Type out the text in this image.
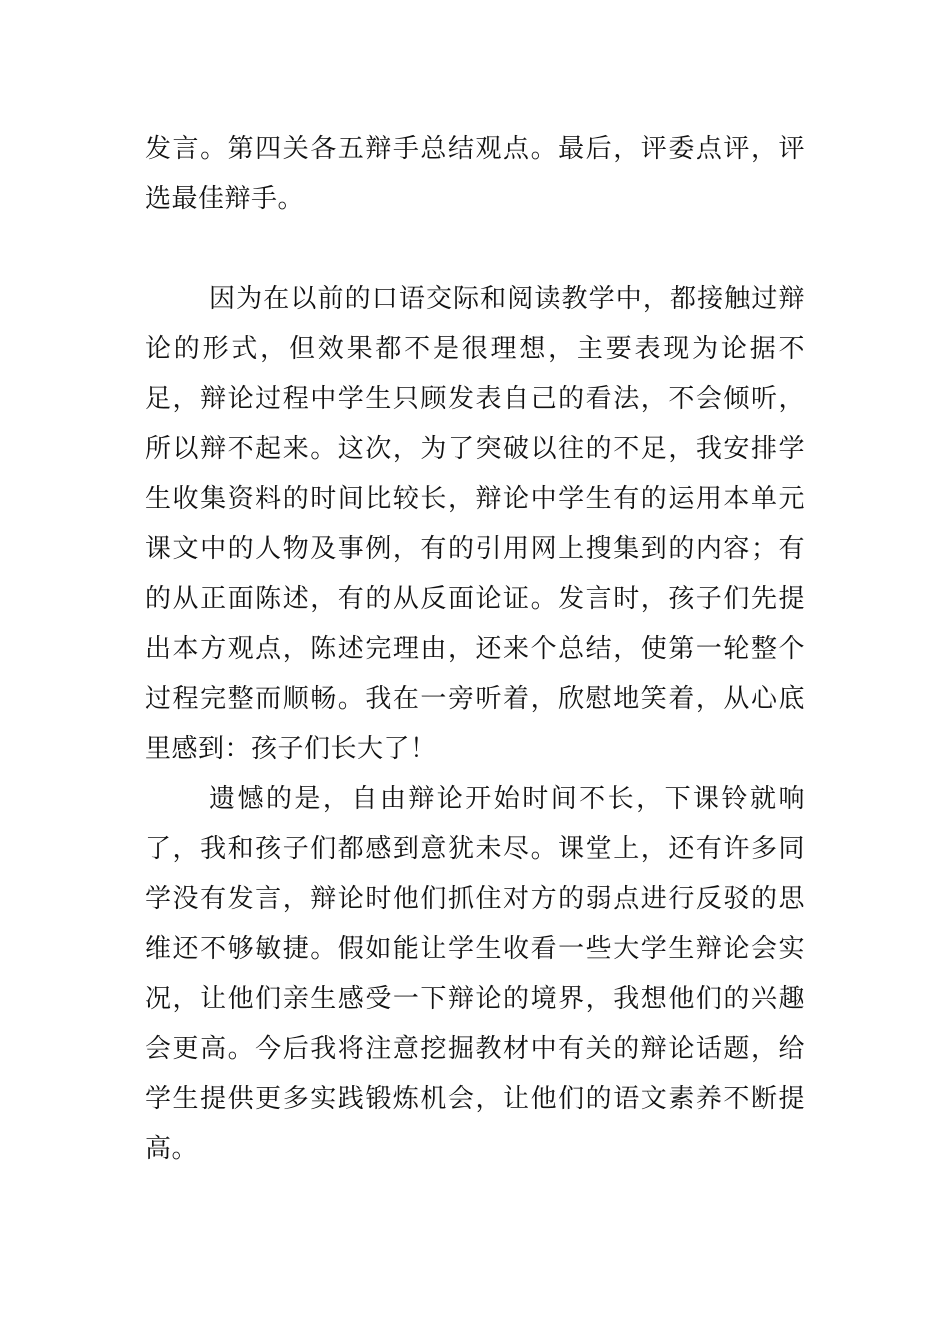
发言。第四关各五辩手总结观点。最后，评委点评，评选最佳辩手。

因为在以前的口语交际和阅读教学中，都接触过辩论的形式，但效果都不是很理想，主要表现为论据不足，辩论过程中学生只顾发表自己的看法，不会倾听，所以辩不起来。这次，为了突破以往的不足，我安排学生收集资料的时间比较长，辩论中学生有的运用本单元课文中的人物及事例，有的引用网上搜集到的内容；有的从正面陈述，有的从反面论证。发言时，孩子们先提出本方观点，陈述完理由，还来个总结，使第一轮整个过程完整而顺畅。我在一旁听着，欣慰地笑着，从心底里感到：孩子们长大了！

遗憾的是，自由辩论开始时间不长，下课铃就响了，我和孩子们都感到意犹未尽。课堂上，还有许多同学没有发言，辩论时他们抓住对方的弱点进行反驳的思维还不够敏捷。假如能让学生收看一些大学生辩论会实况，让他们亲生感受一下辩论的境界，我想他们的兴趣会更高。今后我将注意挖掘教材中有关的辩论话题，给学生提供更多实践锻炼机会，让他们的语文素养不断提高。
